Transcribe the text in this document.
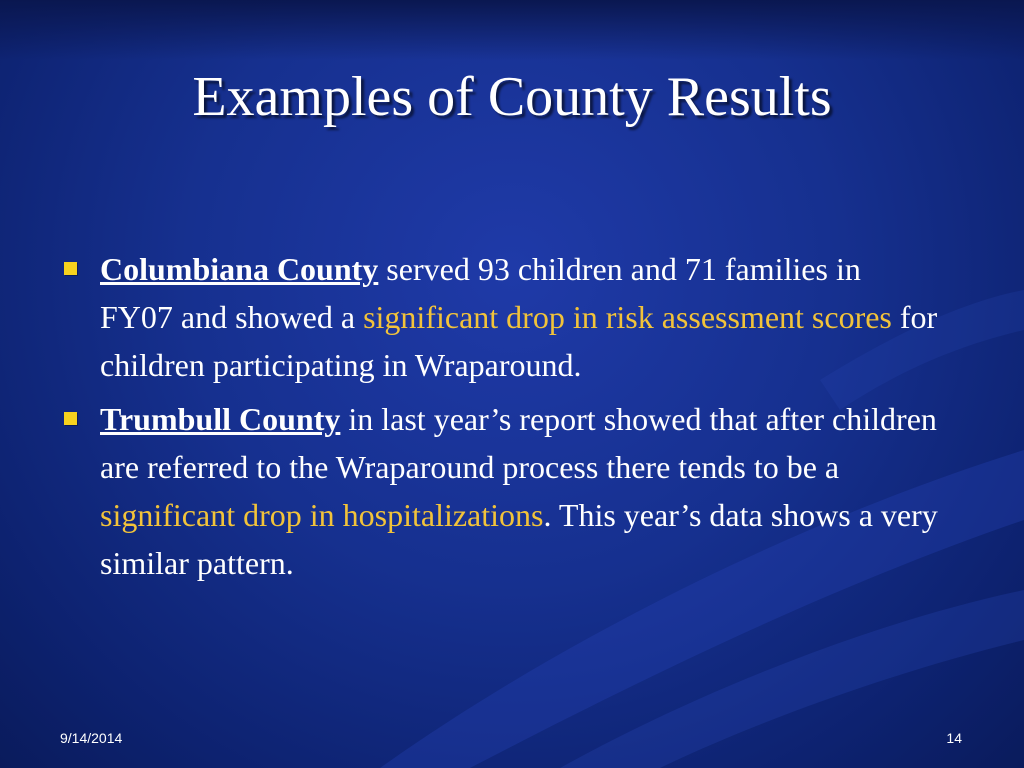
Examples of County Results
Columbiana County served 93 children and 71 families in FY07 and showed a significant drop in risk assessment scores for children participating in Wraparound.
Trumbull County in last year’s report showed that after children are referred to the Wraparound process there tends to be a significant drop in hospitalizations. This year’s data shows a very similar pattern.
9/14/2014	14
